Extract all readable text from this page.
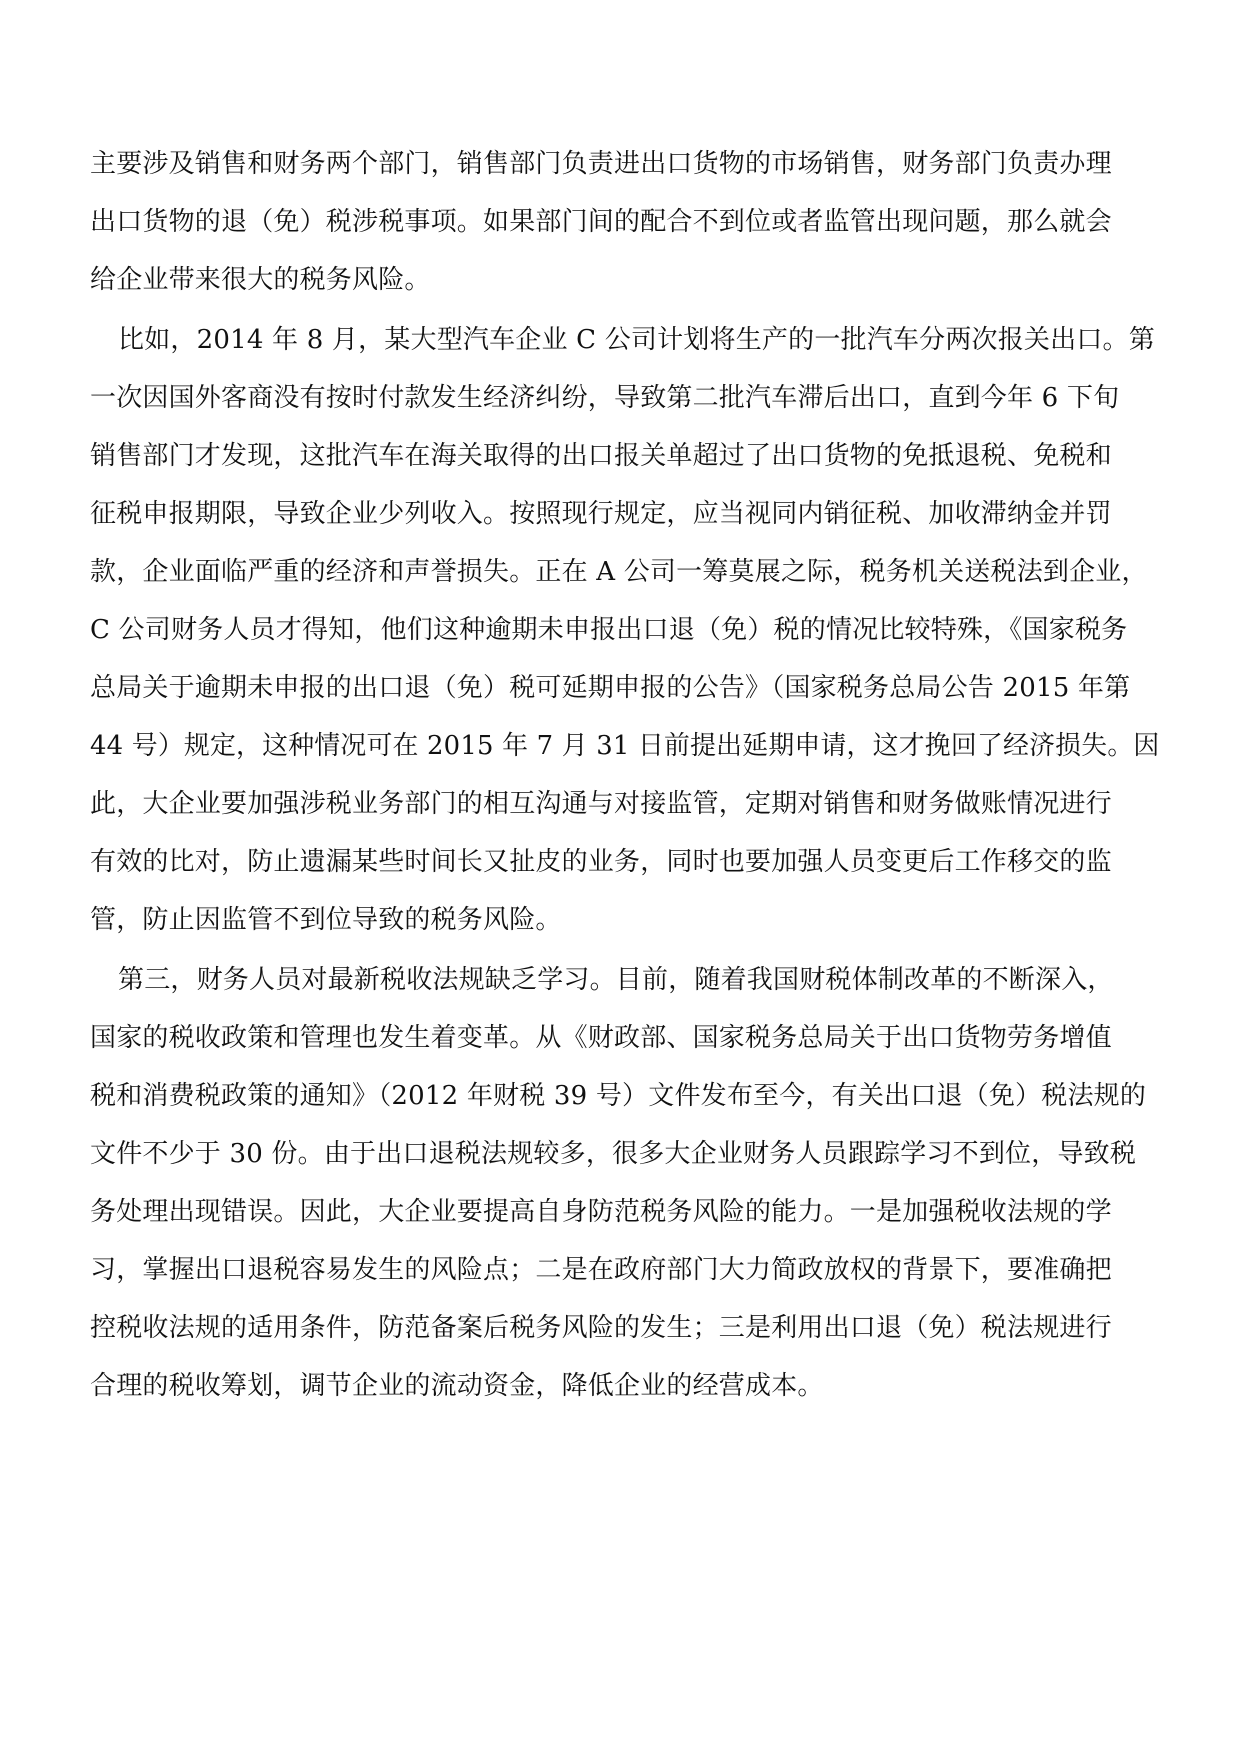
主要涉及销售和财务两个部门，销售部门负责进出口货物的市场销售，财务部门负责办理
出口货物的退（免）税涉税事项。如果部门间的配合不到位或者监管出现问题，那么就会
给企业带来很大的税务风险。
比如，2014 年 8 月，某大型汽车企业 C 公司计划将生产的一批汽车分两次报关出口。第
一次因国外客商没有按时付款发生经济纠纷，导致第二批汽车滞后出口，直到今年 6 下旬
销售部门才发现，这批汽车在海关取得的出口报关单超过了出口货物的免抵退税、免税和
征税申报期限，导致企业少列收入。按照现行规定，应当视同内销征税、加收滞纳金并罚
款，企业面临严重的经济和声誉损失。正在 A 公司一筹莫展之际，税务机关送税法到企业，
C 公司财务人员才得知，他们这种逾期未申报出口退（免）税的情况比较特殊，《国家税务
总局关于逾期未申报的出口退（免）税可延期申报的公告》（国家税务总局公告 2015 年第
44 号）规定，这种情况可在 2015 年 7 月 31 日前提出延期申请，这才挽回了经济损失。因
此，大企业要加强涉税业务部门的相互沟通与对接监管，定期对销售和财务做账情况进行
有效的比对，防止遗漏某些时间长又扯皮的业务，同时也要加强人员变更后工作移交的监
管，防止因监管不到位导致的税务风险。
第三，财务人员对最新税收法规缺乏学习。目前，随着我国财税体制改革的不断深入，
国家的税收政策和管理也发生着变革。从《财政部、国家税务总局关于出口货物劳务增值
税和消费税政策的通知》（2012 年财税 39 号）文件发布至今，有关出口退（免）税法规的
文件不少于 30 份。由于出口退税法规较多，很多大企业财务人员跟踪学习不到位，导致税
务处理出现错误。因此，大企业要提高自身防范税务风险的能力。一是加强税收法规的学
习，掌握出口退税容易发生的风险点；二是在政府部门大力简政放权的背景下，要准确把
控税收法规的适用条件，防范备案后税务风险的发生；三是利用出口退（免）税法规进行
合理的税收筹划，调节企业的流动资金，降低企业的经营成本。
